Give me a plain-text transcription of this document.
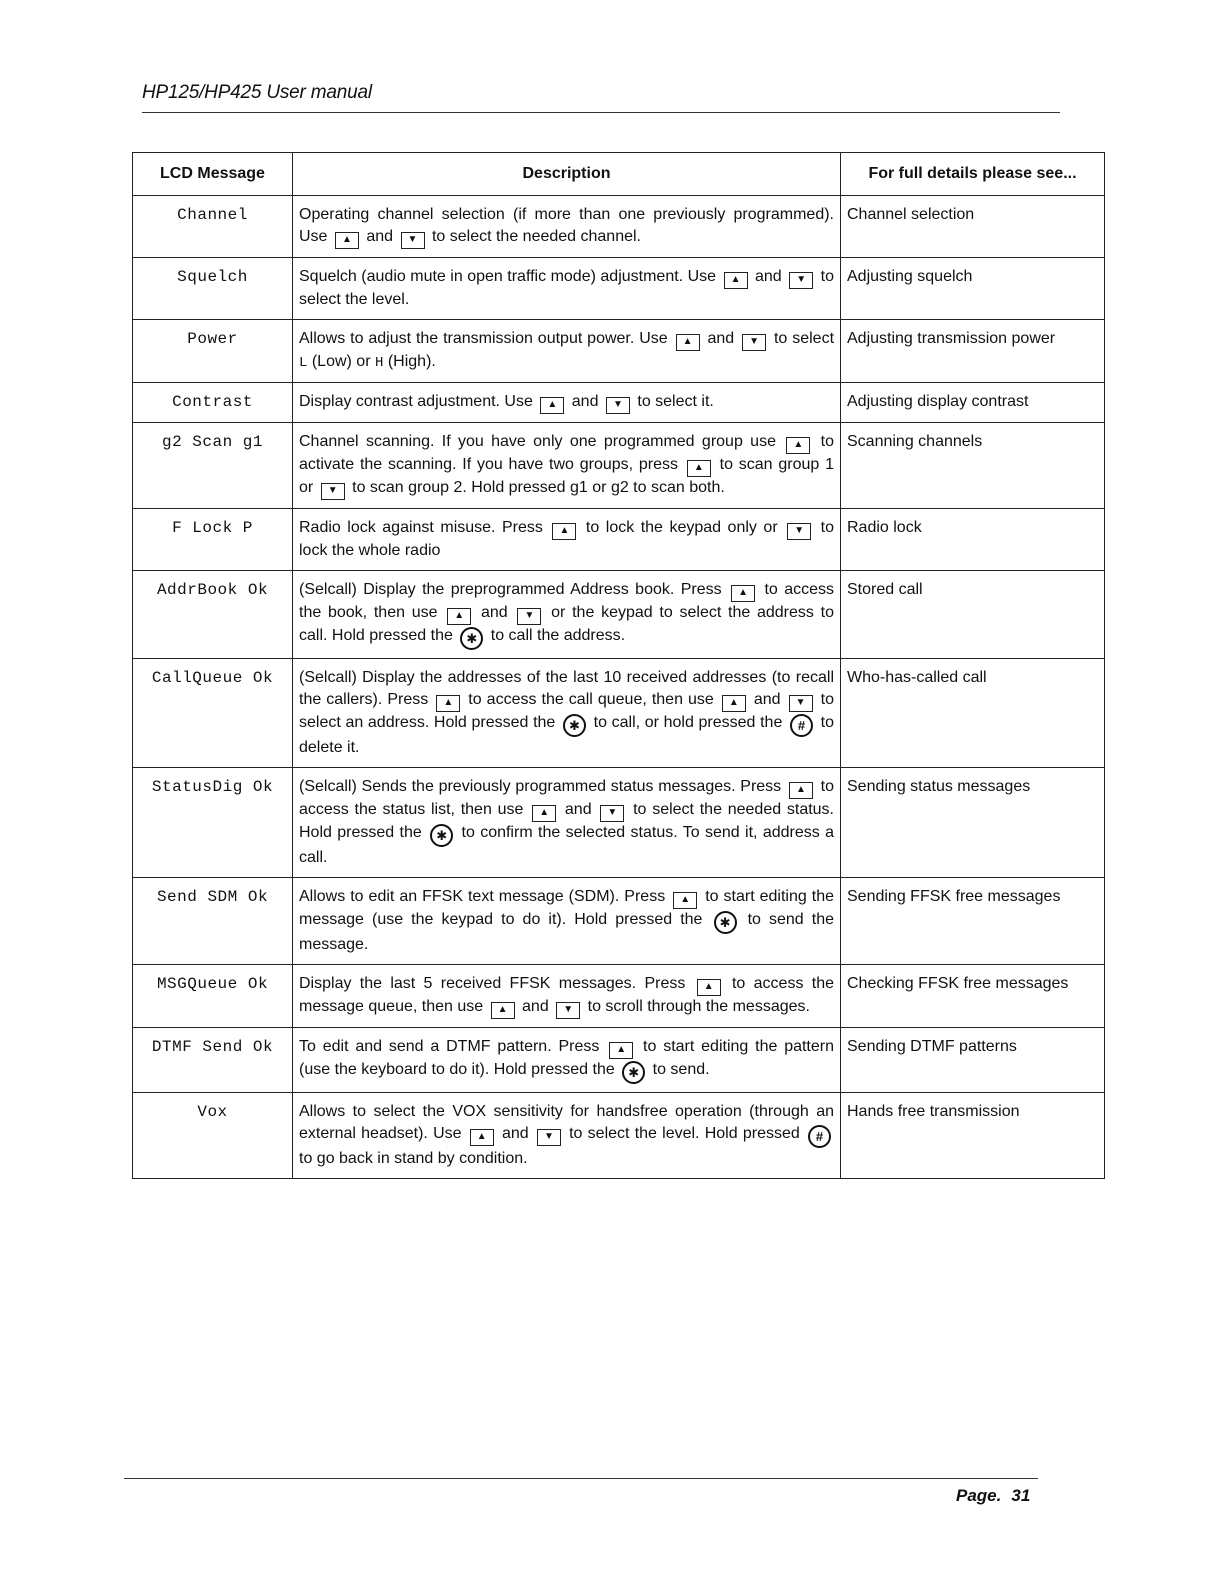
HP125/HP425 User manual
LCD Message	Description	For full details please see...
Channel	Operating channel selection (if more than one previously programmed). Use ▲ and ▼ to select the needed channel.	Channel selection
Squelch	Squelch (audio mute in open traffic mode) adjustment. Use ▲ and ▼ to select the level.	Adjusting squelch
Power	Allows to adjust the transmission output power. Use ▲ and ▼ to select L (Low) or H (High).	Adjusting transmission power
Contrast	Display contrast adjustment. Use ▲ and ▼ to select it.	Adjusting display contrast
g2 Scan g1	Channel scanning. If you have only one programmed group use ▲ to activate the scanning. If you have two groups, press ▲ to scan group 1 or ▼ to scan group 2. Hold pressed g1 or g2 to scan both.	Scanning channels
F Lock P	Radio lock against misuse. Press ▲ to lock the keypad only or ▼ to lock the whole radio	Radio lock
AddrBook Ok	(Selcall) Display the preprogrammed Address book. Press ▲ to access the book, then use ▲ and ▼ or the keypad to select the address to call. Hold pressed the ✱ to call the address.	Stored call
CallQueue Ok	(Selcall) Display the addresses of the last 10 received addresses (to recall the callers). Press ▲ to access the call queue, then use ▲ and ▼ to select an address. Hold pressed the ✱ to call, or hold pressed the # to delete it.	Who-has-called call
StatusDig Ok	(Selcall) Sends the previously programmed status messages. Press ▲ to access the status list, then use ▲ and ▼ to select the needed status. Hold pressed the ✱ to confirm the selected status. To send it, address a call.	Sending status messages
Send SDM Ok	Allows to edit an FFSK text message (SDM). Press ▲ to start editing the message (use the keypad to do it). Hold pressed the ✱ to send the message.	Sending FFSK free messages
MSGQueue Ok	Display the last 5 received FFSK messages. Press ▲ to access the message queue, then use ▲ and ▼ to scroll through the messages.	Checking FFSK free messages
DTMF Send Ok	To edit and send a DTMF pattern. Press ▲ to start editing the pattern (use the keyboard to do it). Hold pressed the ✱ to send.	Sending DTMF patterns
Vox	Allows to select the VOX sensitivity for handsfree operation (through an external headset). Use ▲ and ▼ to select the level. Hold pressed # to go back in stand by condition.	Hands free transmission
Page. 31
